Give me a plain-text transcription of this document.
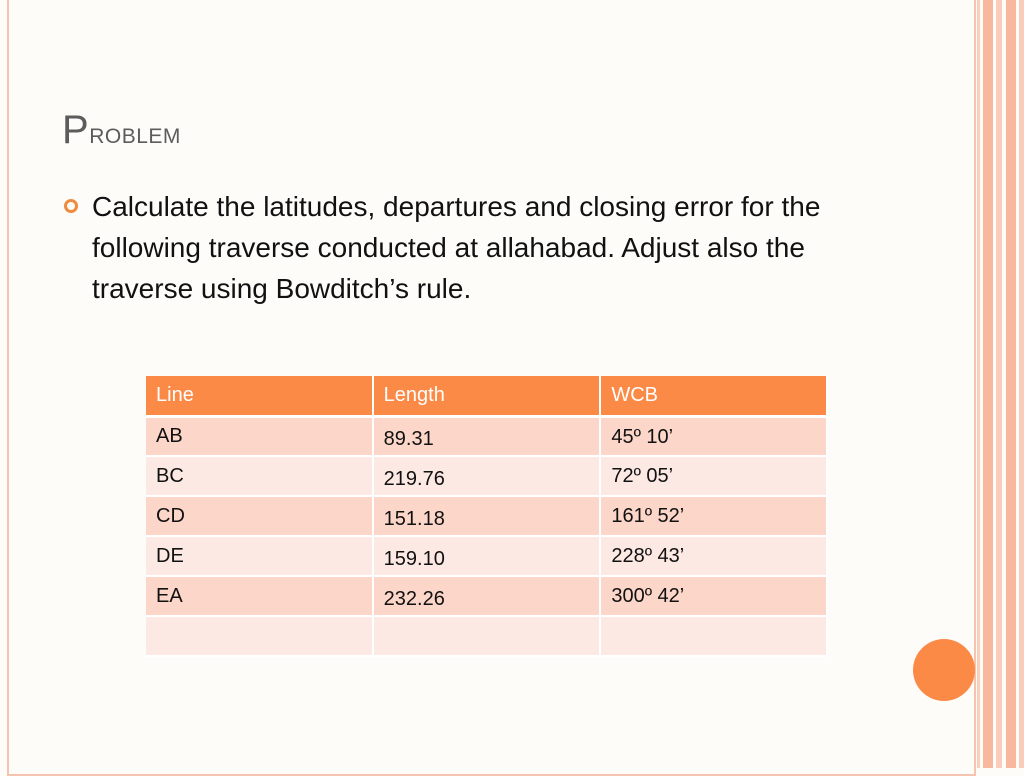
Problem
Calculate the latitudes, departures and closing error for the following traverse conducted at allahabad. Adjust also the traverse using Bowditch’s rule.
Line	Length	WCB
AB	89.31	45º 10’
BC	219.76	72º 05’
CD	151.18	161º 52’
DE	159.10	228º 43’
EA	232.26	300º 42’
